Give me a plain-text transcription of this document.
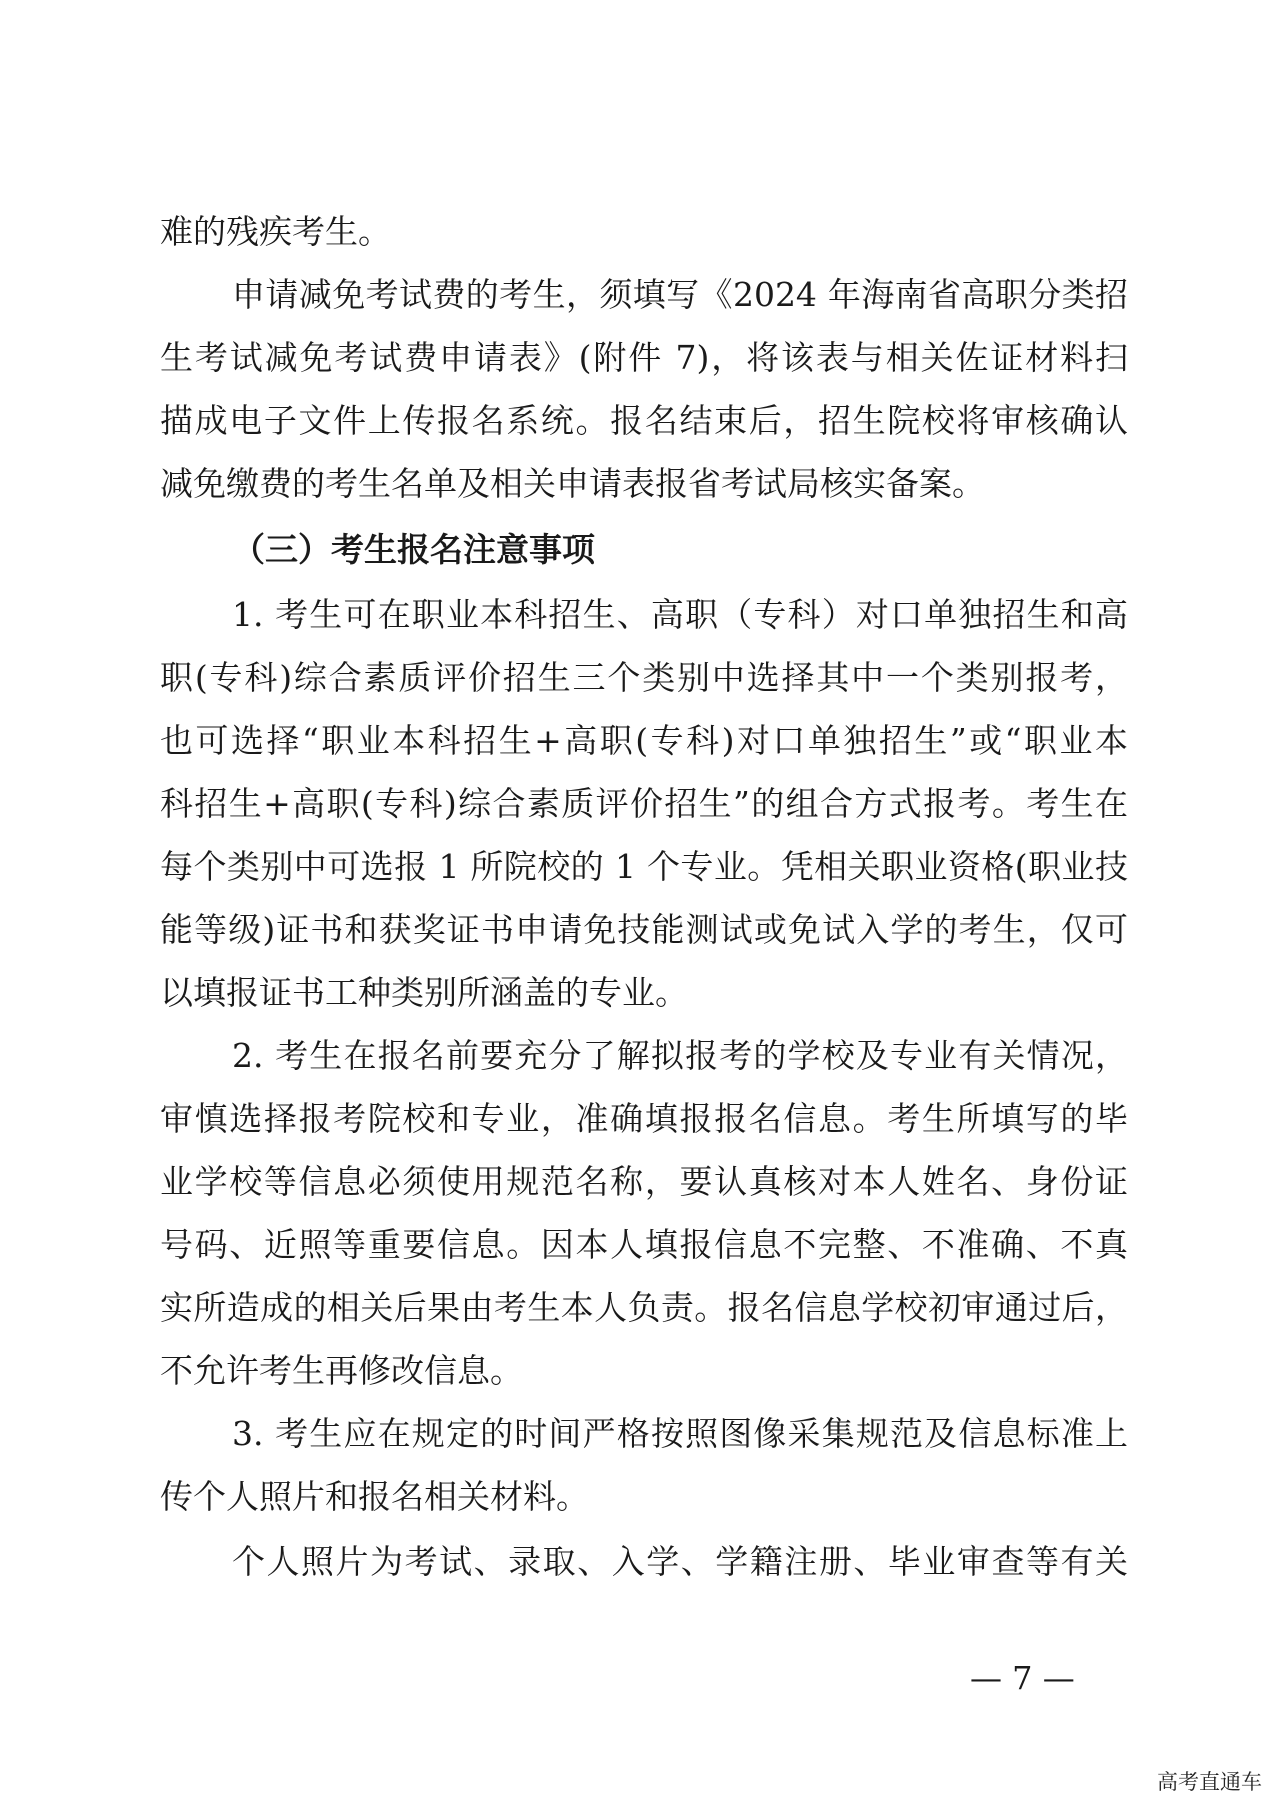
难的残疾考生。
申请减免考试费的考生，须填写《2024 年海南省高职分类招
生考试减免考试费申请表》(附件 7)，将该表与相关佐证材料扫
描成电子文件上传报名系统。报名结束后，招生院校将审核确认
减免缴费的考生名单及相关申请表报省考试局核实备案。
（三）考生报名注意事项
1. 考生可在职业本科招生、高职（专科）对口单独招生和高
职(专科)综合素质评价招生三个类别中选择其中一个类别报考，
也可选择“职业本科招生+高职(专科)对口单独招生”或“职业本
科招生+高职(专科)综合素质评价招生”的组合方式报考。考生在
每个类别中可选报 1 所院校的 1 个专业。凭相关职业资格(职业技
能等级)证书和获奖证书申请免技能测试或免试入学的考生，仅可
以填报证书工种类别所涵盖的专业。
2. 考生在报名前要充分了解拟报考的学校及专业有关情况，
审慎选择报考院校和专业，准确填报报名信息。考生所填写的毕
业学校等信息必须使用规范名称，要认真核对本人姓名、身份证
号码、近照等重要信息。因本人填报信息不完整、不准确、不真
实所造成的相关后果由考生本人负责。报名信息学校初审通过后，
不允许考生再修改信息。
3. 考生应在规定的时间严格按照图像采集规范及信息标准上
传个人照片和报名相关材料。
个人照片为考试、录取、入学、学籍注册、毕业审查等有关
— 7 —
高考直通车
